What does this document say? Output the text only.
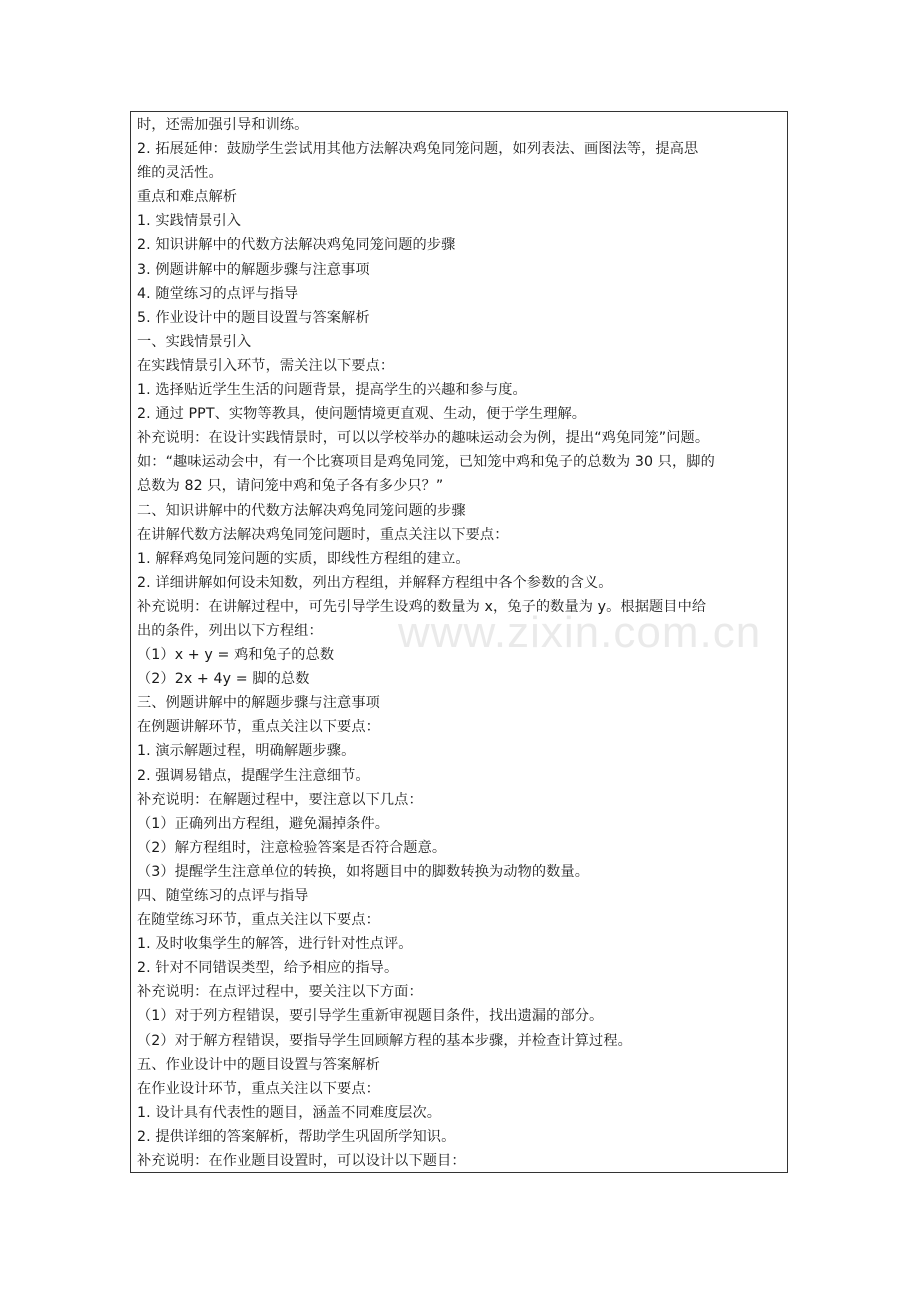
时，还需加强引导和训练。
2. 拓展延伸：鼓励学生尝试用其他方法解决鸡兔同笼问题，如列表法、画图法等，提高思
维的灵活性。
重点和难点解析
1. 实践情景引入
2. 知识讲解中的代数方法解决鸡兔同笼问题的步骤
3. 例题讲解中的解题步骤与注意事项
4. 随堂练习的点评与指导
5. 作业设计中的题目设置与答案解析
一、实践情景引入
在实践情景引入环节，需关注以下要点：
1. 选择贴近学生生活的问题背景，提高学生的兴趣和参与度。
2. 通过 PPT、实物等教具，使问题情境更直观、生动，便于学生理解。
补充说明：在设计实践情景时，可以以学校举办的趣味运动会为例，提出“鸡兔同笼”问题。
如：“趣味运动会中，有一个比赛项目是鸡兔同笼，已知笼中鸡和兔子的总数为 30 只，脚的
总数为 82 只，请问笼中鸡和兔子各有多少只？”
二、知识讲解中的代数方法解决鸡兔同笼问题的步骤
在讲解代数方法解决鸡兔同笼问题时，重点关注以下要点：
1. 解释鸡兔同笼问题的实质，即线性方程组的建立。
2. 详细讲解如何设未知数，列出方程组，并解释方程组中各个参数的含义。
补充说明：在讲解过程中，可先引导学生设鸡的数量为 x，兔子的数量为 y。根据题目中给
出的条件，列出以下方程组：
（1）x + y = 鸡和兔子的总数
（2）2x + 4y = 脚的总数
三、例题讲解中的解题步骤与注意事项
在例题讲解环节，重点关注以下要点：
1. 演示解题过程，明确解题步骤。
2. 强调易错点，提醒学生注意细节。
补充说明：在解题过程中，要注意以下几点：
（1）正确列出方程组，避免漏掉条件。
（2）解方程组时，注意检验答案是否符合题意。
（3）提醒学生注意单位的转换，如将题目中的脚数转换为动物的数量。
四、随堂练习的点评与指导
在随堂练习环节，重点关注以下要点：
1. 及时收集学生的解答，进行针对性点评。
2. 针对不同错误类型，给予相应的指导。
补充说明：在点评过程中，要关注以下方面：
（1）对于列方程错误，要引导学生重新审视题目条件，找出遗漏的部分。
（2）对于解方程错误，要指导学生回顾解方程的基本步骤，并检查计算过程。
五、作业设计中的题目设置与答案解析
在作业设计环节，重点关注以下要点：
1. 设计具有代表性的题目，涵盖不同难度层次。
2. 提供详细的答案解析，帮助学生巩固所学知识。
补充说明：在作业题目设置时，可以设计以下题目：
www.zixin.com.cn
